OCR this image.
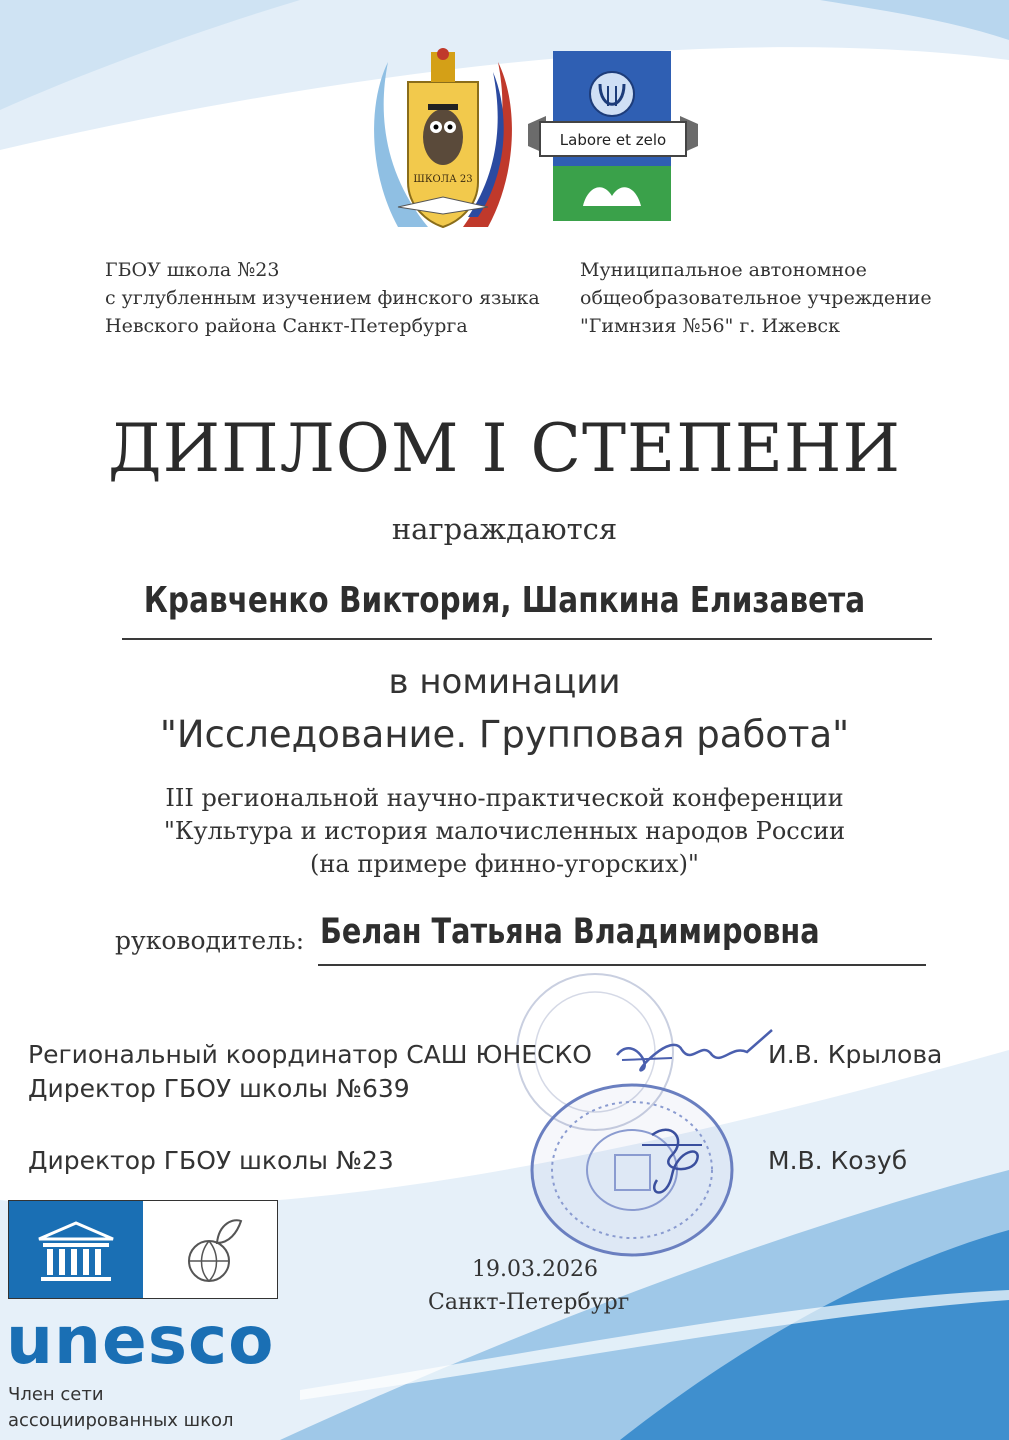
ШКОЛА 23
Labore et zelo
ГБОУ школа №23
с углубленным изучением финского языка
Невского района Санкт-Петербурга
Муниципальное автономное
общеобразовательное учреждение
"Гимнзия №56" г. Ижевск
ДИПЛОМ I СТЕПЕНИ
награждаются
Кравченко Виктория, Шапкина Елизавета
в номинации
"Исследование. Групповая работа"
III региональной научно-практической конференции
"Культура и история малочисленных народов России
(на примере финно-угорских)"
руководитель: Белан Татьяна Владимировна
Региональный координатор САШ ЮНЕСКО
Директор ГБОУ школы №639
И.В. Крылова
Директор ГБОУ школы №23	М.В. Козуб
19.03.2026
Санкт-Петербург
unesco
Член сети
ассоциированных школ
